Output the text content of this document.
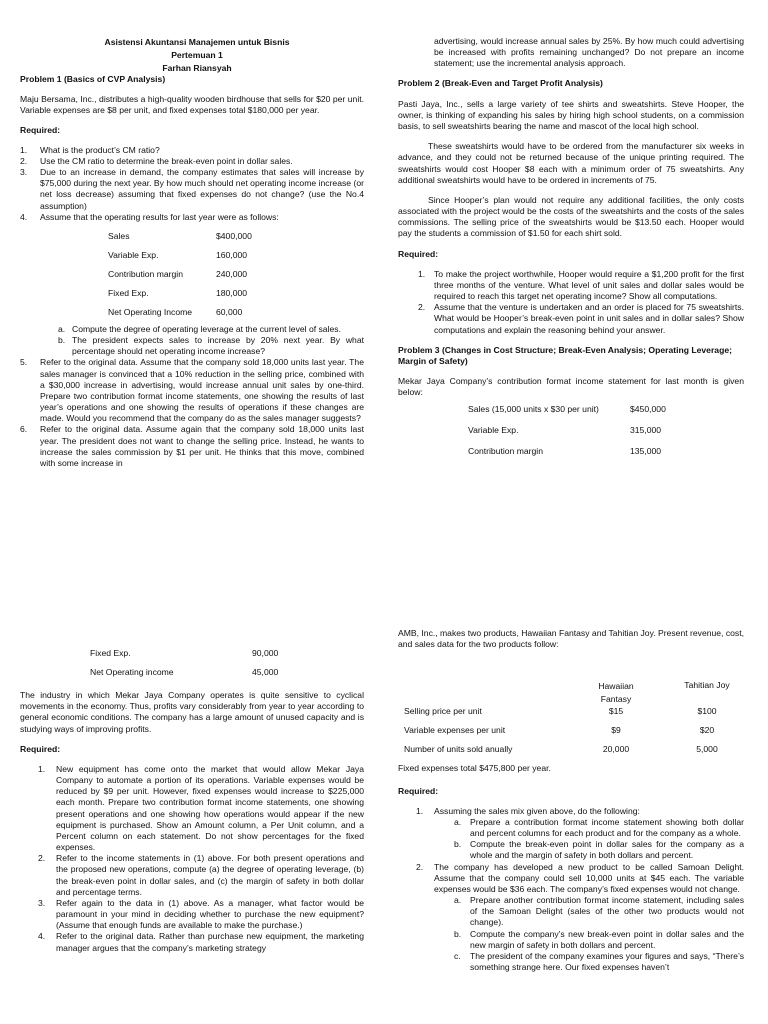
Asistensi Akuntansi Manajemen untuk Bisnis
Pertemuan 1
Farhan Riansyah
Problem 1 (Basics of CVP Analysis)

Maju Bersama, Inc., distributes a high-quality wooden birdhouse that sells for $20 per unit. Variable expenses are $8 per unit, and fixed expenses total $180,000 per year.

Required:
1. What is the product’s CM ratio?
2. Use the CM ratio to determine the break-even point in dollar sales.
3. Due to an increase in demand, the company estimates that sales will increase by $75,000 during the next year. By how much should net operating income increase (or net loss decrease) assuming that fixed expenses do not change? (use the No.4 assumption)
4. Assume that the operating results for last year were as follows:
Sales	$400,000
Variable Exp.	160,000
Contribution margin	240,000
Fixed Exp.	180,000
Net Operating Income	60,000
a. Compute the degree of operating leverage at the current level of sales.
b. The president expects sales to increase by 20% next year. By what percentage should net operating income increase?
5. Refer to the original data. Assume that the company sold 18,000 units last year. The sales manager is convinced that a 10% reduction in the selling price, combined with a $30,000 increase in advertising, would increase annual unit sales by one-third. Prepare two contribution format income statements, one showing the results of last year’s operations and one showing the results of operations if these changes are made. Would you recommend that the company do as the sales manager suggests?
6. Refer to the original data. Assume again that the company sold 18,000 units last year. The president does not want to change the selling price. Instead, he wants to increase the sales commission by $1 per unit. He thinks that this move, combined with some increase in

advertising, would increase annual sales by 25%. By how much could advertising be increased with profits remaining unchanged? Do not prepare an income statement; use the incremental analysis approach.

Problem 2 (Break-Even and Target Profit Analysis)

Pasti Jaya, Inc., sells a large variety of tee shirts and sweatshirts. Steve Hooper, the owner, is thinking of expanding his sales by hiring high school students, on a commission basis, to sell sweatshirts bearing the name and mascot of the local high school.

These sweatshirts would have to be ordered from the manufacturer six weeks in advance, and they could not be returned because of the unique printing required. The sweatshirts would cost Hooper $8 each with a minimum order of 75 sweatshirts. Any additional sweatshirts would have to be ordered in increments of 75.

Since Hooper’s plan would not require any additional facilities, the only costs associated with the project would be the costs of the sweatshirts and the costs of the sales commissions. The selling price of the sweatshirts would be $13.50 each. Hooper would pay the students a commission of $1.50 for each shirt sold.

Required:
1. To make the project worthwhile, Hooper would require a $1,200 profit for the first three months of the venture. What level of unit sales and dollar sales would be required to reach this target net operating income? Show all computations.
2. Assume that the venture is undertaken and an order is placed for 75 sweatshirts. What would be Hooper’s break-even point in unit sales and in dollar sales? Show computations and explain the reasoning behind your answer.
Problem 3 (Changes in Cost Structure; Break-Even Analysis; Operating Leverage; Margin of Safety)

Mekar Jaya Company’s contribution format income statement for last month is given below:

Sales (15,000 units x $30 per unit)	$450,000
Variable Exp.	315,000
Contribution margin	135,000
Fixed Exp.	90,000
Net Operating income	45,000

The industry in which Mekar Jaya Company operates is quite sensitive to cyclical movements in the economy. Thus, profits vary considerably from year to year according to general economic conditions. The company has a large amount of unused capacity and is studying ways of improving profits.

Required:
1. New equipment has come onto the market that would allow Mekar Jaya Company to automate a portion of its operations. Variable expenses would be reduced by $9 per unit. However, fixed expenses would increase to $225,000 each month. Prepare two contribution format income statements, one showing present operations and one showing how operations would appear if the new equipment is purchased. Show an Amount column, a Per Unit column, and a Percent column on each statement. Do not show percentages for the fixed expenses.
2. Refer to the income statements in (1) above. For both present operations and the proposed new operations, compute (a) the degree of operating leverage, (b) the break-even point in dollar sales, and (c) the margin of safety in both dollar and percentage terms.
3. Refer again to the data in (1) above. As a manager, what factor would be paramount in your mind in deciding whether to purchase the new equipment? (Assume that enough funds are available to make the purchase.)
4. Refer to the original data. Rather than purchase new equipment, the marketing manager argues that the company’s marketing strategy

AMB, Inc., makes two products, Hawaiian Fantasy and Tahitian Joy. Present revenue, cost, and sales data for the two products follow:

	Hawaiian Fantasy		Tahitian Joy
Selling price per unit	$15		$100
Variable expenses per unit	$9		$20
Number of units sold anually	20,000		5,000
Fixed expenses total $475,800 per year.
Required:
1. Assuming the sales mix given above, do the following:
a. Prepare a contribution format income statement showing both dollar and percent columns for each product and for the company as a whole.
b. Compute the break-even point in dollar sales for the company as a whole and the margin of safety in both dollars and percent.
2. The company has developed a new product to be called Samoan Delight. Assume that the company could sell 10,000 units at $45 each. The variable expenses would be $36 each. The company’s fixed expenses would not change.
a. Prepare another contribution format income statement, including sales of the Samoan Delight (sales of the other two products would not change).
b. Compute the company’s new break-even point in dollar sales and the new margin of safety in both dollars and percent.
c. The president of the company examines your figures and says, “There’s something strange here. Our fixed expenses haven’t
